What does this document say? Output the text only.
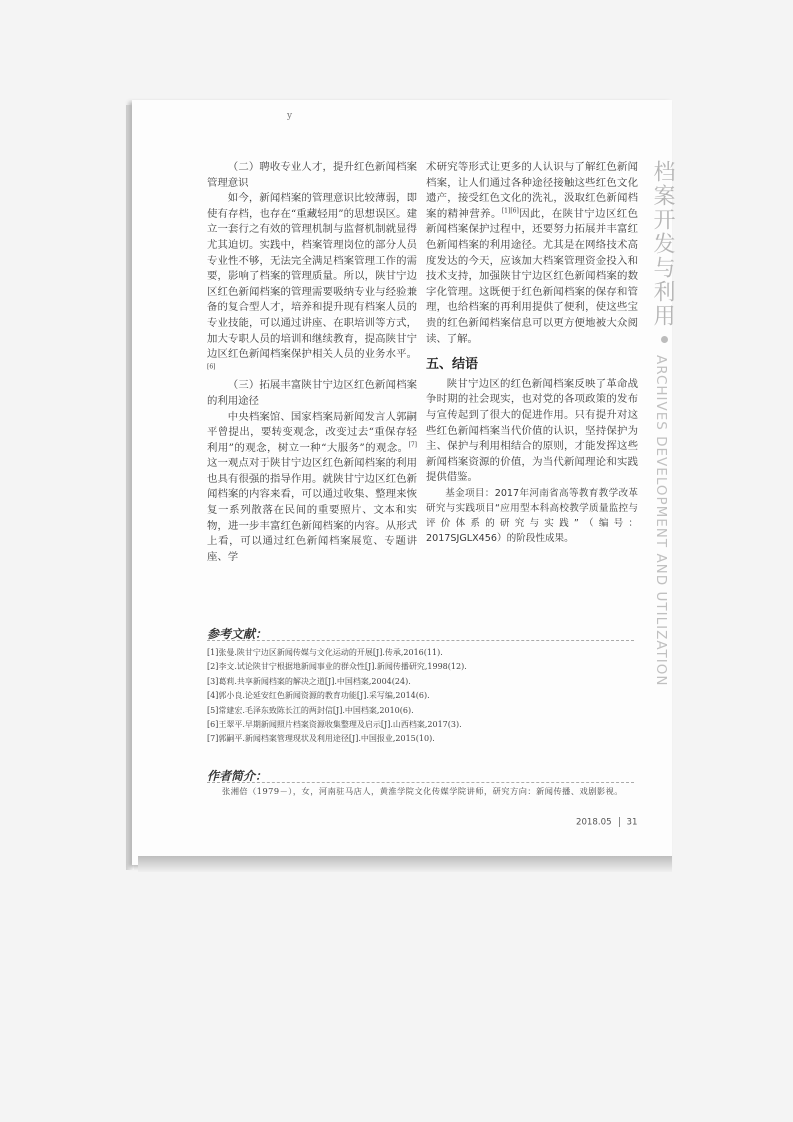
y

（二）聘收专业人才，提升红色新闻档案管理意识

如今，新闻档案的管理意识比较薄弱，即使有存档，也存在“重藏轻用”的思想误区。建立一套行之有效的管理机制与监督机制就显得尤其迫切。实践中，档案管理岗位的部分人员专业性不够，无法完全满足档案管理工作的需要，影响了档案的管理质量。所以，陕甘宁边区红色新闻档案的管理需要吸纳专业与经验兼备的复合型人才，培养和提升现有档案人员的专业技能，可以通过讲座、在职培训等方式，加大专职人员的培训和继续教育，提高陕甘宁边区红色新闻档案保护相关人员的业务水平。[6]

（三）拓展丰富陕甘宁边区红色新闻档案的利用途径

中央档案馆、国家档案局新闻发言人郭嗣平曾提出，要转变观念，改变过去“重保存轻利用”的观念，树立一种“大服务”的观念。[7]这一观点对于陕甘宁边区红色新闻档案的利用也具有很强的指导作用。就陕甘宁边区红色新闻档案的内容来看，可以通过收集、整理来恢复一系列散落在民间的重要照片、文本和实物，进一步丰富红色新闻档案的内容。从形式上看，可以通过红色新闻档案展览、专题讲座、学

术研究等形式让更多的人认识与了解红色新闻档案，让人们通过各种途径接触这些红色文化遗产，接受红色文化的洗礼，汲取红色新闻档案的精神营养。[1][6]因此，在陕甘宁边区红色新闻档案保护过程中，还要努力拓展并丰富红色新闻档案的利用途径。尤其是在网络技术高度发达的今天，应该加大档案管理资金投入和技术支持，加强陕甘宁边区红色新闻档案的数字化管理。这既便于红色新闻档案的保存和管理，也给档案的再利用提供了便利，使这些宝贵的红色新闻档案信息可以更方便地被大众阅读、了解。

五、结语

陕甘宁边区的红色新闻档案反映了革命战争时期的社会现实，也对党的各项政策的发布与宣传起到了很大的促进作用。只有提升对这些红色新闻档案当代价值的认识，坚持保护为主、保护与利用相结合的原则，才能发挥这些新闻档案资源的价值，为当代新闻理论和实践提供借鉴。

基金项目：2017年河南省高等教育教学改革研究与实践项目“应用型本科高校教学质量监控与评价体系的研究与实践”（编号：2017SJGLX456）的阶段性成果。

档案开发与利用
ARCHIVES DEVELOPMENT AND UTILIZATION
参考文献：
[1]张曼.陕甘宁边区新闻传媒与文化运动的开展[J].传承,2016(11).
[2]李文.试论陕甘宁根据地新闻事业的群众性[J].新闻传播研究,1998(12).
[3]葛莉.共享新闻档案的解决之道[J].中国档案,2004(24).
[4]郭小良.论延安红色新闻资源的教育功能[J].采写编,2014(6).
[5]常建宏.毛泽东致陈长江的两封信[J].中国档案,2010(6).
[6]王翠平.早期新闻照片档案资源收集整理及启示[J].山西档案,2017(3).
[7]郭嗣平.新闻档案管理现状及利用途径[J].中国报业,2015(10).
作者简介：
张湘倍（1979－），女，河南驻马店人，黄淮学院文化传媒学院讲师，研究方向：新闻传播、戏剧影视。
2018.05 31
